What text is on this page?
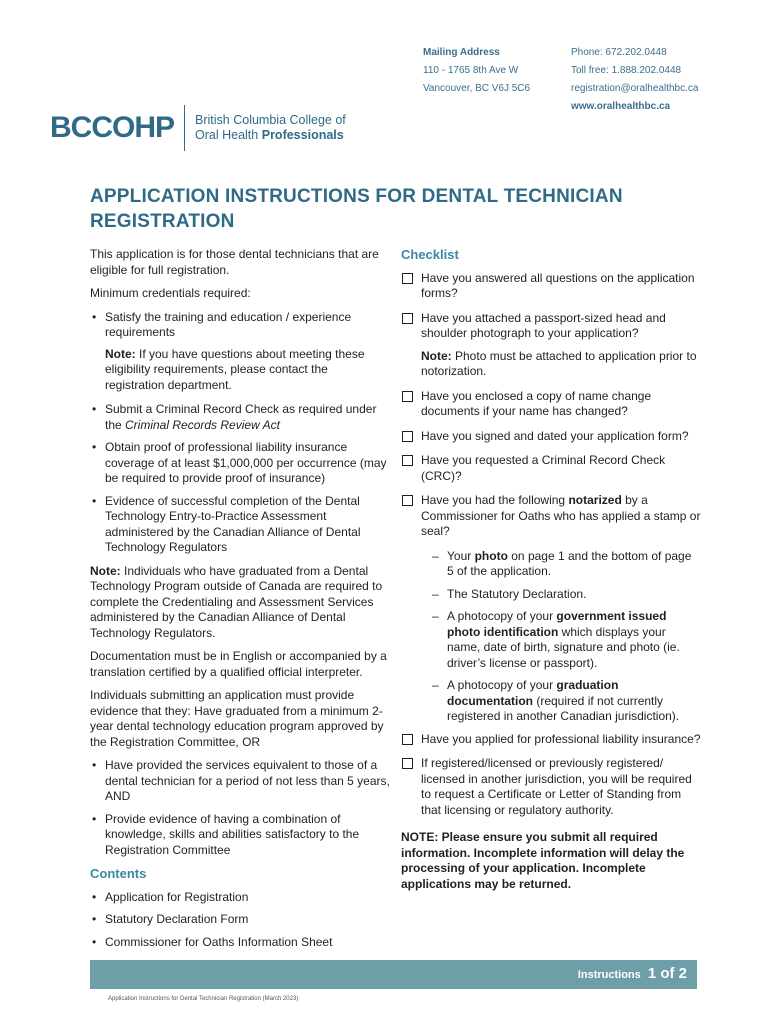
Mailing Address
110 - 1765 8th Ave W
Vancouver, BC V6J 5C6
Phone: 672.202.0448
Toll free: 1.888.202.0448
registration@oralhealthbc.ca
www.oralhealthbc.ca
BCCOHP British Columbia College of
Oral Health Professionals
APPLICATION INSTRUCTIONS FOR DENTAL TECHNICIAN REGISTRATION

This application is for those dental technicians that are eligible for full registration.

Minimum credentials required:

• Satisfy the training and education / experience requirements
Note: If you have questions about meeting these eligibility requirements, please contact the registration department.
• Submit a Criminal Record Check as required under the Criminal Records Review Act
• Obtain proof of professional liability insurance coverage of at least $1,000,000 per occurrence (may be required to provide proof of insurance)
• Evidence of successful completion of the Dental Technology Entry-to-Practice Assessment administered by the Canadian Alliance of Dental Technology Regulators

Note: Individuals who have graduated from a Dental Technology Program outside of Canada are required to complete the Credentialing and Assessment Services administered by the Canadian Alliance of Dental Technology Regulators.

Documentation must be in English or accompanied by a translation certified by a qualified official interpreter.

Individuals submitting an application must provide evidence that they: Have graduated from a minimum 2-year dental technology education program approved by the Registration Committee, OR

• Have provided the services equivalent to those of a dental technician for a period of not less than 5 years, AND
• Provide evidence of having a combination of knowledge, skills and abilities satisfactory to the Registration Committee
Contents
• Application for Registration
• Statutory Declaration Form
• Commissioner for Oaths Information Sheet
Checklist
Have you answered all questions on the application forms?
Have you attached a passport-sized head and shoulder photograph to your application?
Note: Photo must be attached to application prior to notorization.
Have you enclosed a copy of name change documents if your name has changed?
Have you signed and dated your application form?
Have you requested a Criminal Record Check (CRC)?
Have you had the following notarized by a Commissioner for Oaths who has applied a stamp or seal?
– Your photo on page 1 and the bottom of page 5 of the application.
– The Statutory Declaration.
– A photocopy of your government issued photo identification which displays your name, date of birth, signature and photo (ie. driver’s license or passport).
– A photocopy of your graduation documentation (required if not currently registered in another Canadian jurisdiction).
Have you applied for professional liability insurance?
If registered/licensed or previously registered/ licensed in another jurisdiction, you will be required to request a Certificate or Letter of Standing from that licensing or regulatory authority.
NOTE: Please ensure you submit all required information. Incomplete information will delay the processing of your application. Incomplete applications may be returned.
Instructions 1 of 2
Application Instructions for Dental Technician Registration (March 2023)
